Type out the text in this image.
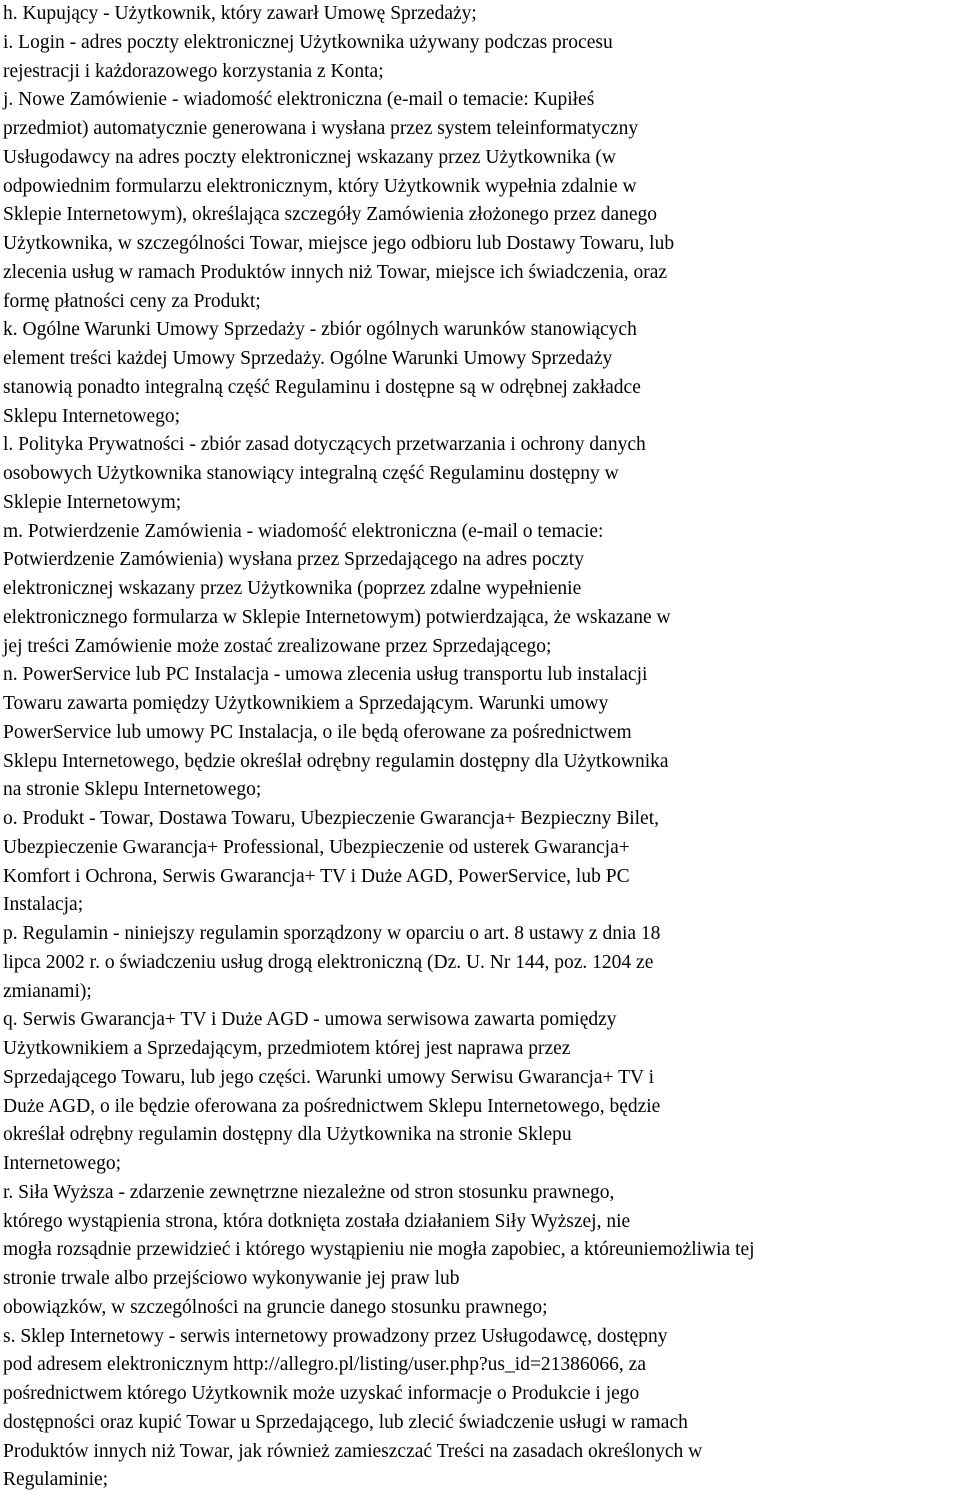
h. Kupujący - Użytkownik, który zawarł Umowę Sprzedaży;
i. Login - adres poczty elektronicznej Użytkownika używany podczas procesu
rejestracji i każdorazowego korzystania z Konta;
j. Nowe Zamówienie - wiadomość elektroniczna (e-mail o temacie: Kupiłeś
przedmiot) automatycznie generowana i wysłana przez system teleinformatyczny
Usługodawcy na adres poczty elektronicznej wskazany przez Użytkownika (w
odpowiednim formularzu elektronicznym, który Użytkownik wypełnia zdalnie w
Sklepie Internetowym), określająca szczegóły Zamówienia złożonego przez danego
Użytkownika, w szczególności Towar, miejsce jego odbioru lub Dostawy Towaru, lub
zlecenia usług w ramach Produktów innych niż Towar, miejsce ich świadczenia, oraz
formę płatności ceny za Produkt;
k. Ogólne Warunki Umowy Sprzedaży - zbiór ogólnych warunków stanowiących
element treści każdej Umowy Sprzedaży. Ogólne Warunki Umowy Sprzedaży
stanowią ponadto integralną część Regulaminu i dostępne są w odrębnej zakładce
Sklepu Internetowego;
l. Polityka Prywatności - zbiór zasad dotyczących przetwarzania i ochrony danych
osobowych Użytkownika stanowiący integralną część Regulaminu dostępny w
Sklepie Internetowym;
m. Potwierdzenie Zamówienia - wiadomość elektroniczna (e-mail o temacie:
Potwierdzenie Zamówienia) wysłana przez Sprzedającego na adres poczty
elektronicznej wskazany przez Użytkownika (poprzez zdalne wypełnienie
elektronicznego formularza w Sklepie Internetowym) potwierdzająca, że wskazane w
jej treści Zamówienie może zostać zrealizowane przez Sprzedającego;
n. PowerService lub PC Instalacja - umowa zlecenia usług transportu lub instalacji
Towaru zawarta pomiędzy Użytkownikiem a Sprzedającym. Warunki umowy
PowerService lub umowy PC Instalacja, o ile będą oferowane za pośrednictwem
Sklepu Internetowego, będzie określał odrębny regulamin dostępny dla Użytkownika
na stronie Sklepu Internetowego;
o. Produkt - Towar, Dostawa Towaru, Ubezpieczenie Gwarancja+ Bezpieczny Bilet,
Ubezpieczenie Gwarancja+ Professional, Ubezpieczenie od usterek Gwarancja+
Komfort i Ochrona, Serwis Gwarancja+ TV i Duże AGD, PowerService, lub PC
Instalacja;
p. Regulamin - niniejszy regulamin sporządzony w oparciu o art. 8 ustawy z dnia 18
lipca 2002 r. o świadczeniu usług drogą elektroniczną (Dz. U. Nr 144, poz. 1204 ze
zmianami);
q. Serwis Gwarancja+ TV i Duże AGD - umowa serwisowa zawarta pomiędzy
Użytkownikiem a Sprzedającym, przedmiotem której jest naprawa przez
Sprzedającego Towaru, lub jego części. Warunki umowy Serwisu Gwarancja+ TV i
Duże AGD, o ile będzie oferowana za pośrednictwem Sklepu Internetowego, będzie
określał odrębny regulamin dostępny dla Użytkownika na stronie Sklepu
Internetowego;
r. Siła Wyższa - zdarzenie zewnętrzne niezależne od stron stosunku prawnego,
którego wystąpienia strona, która dotknięta została działaniem Siły Wyższej, nie
mogła rozsądnie przewidzieć i którego wystąpieniu nie mogła zapobiec, a któreuniemożliwia tej
stronie trwale albo przejściowo wykonywanie jej praw lub
obowiązków, w szczególności na gruncie danego stosunku prawnego;
s. Sklep Internetowy - serwis internetowy prowadzony przez Usługodawcę, dostępny
pod adresem elektronicznym http://allegro.pl/listing/user.php?us_id=21386066, za
pośrednictwem którego Użytkownik może uzyskać informacje o Produkcie i jego
dostępności oraz kupić Towar u Sprzedającego, lub zlecić świadczenie usługi w ramach
Produktów innych niż Towar, jak również zamieszczać Treści na zasadach określonych w
Regulaminie;
